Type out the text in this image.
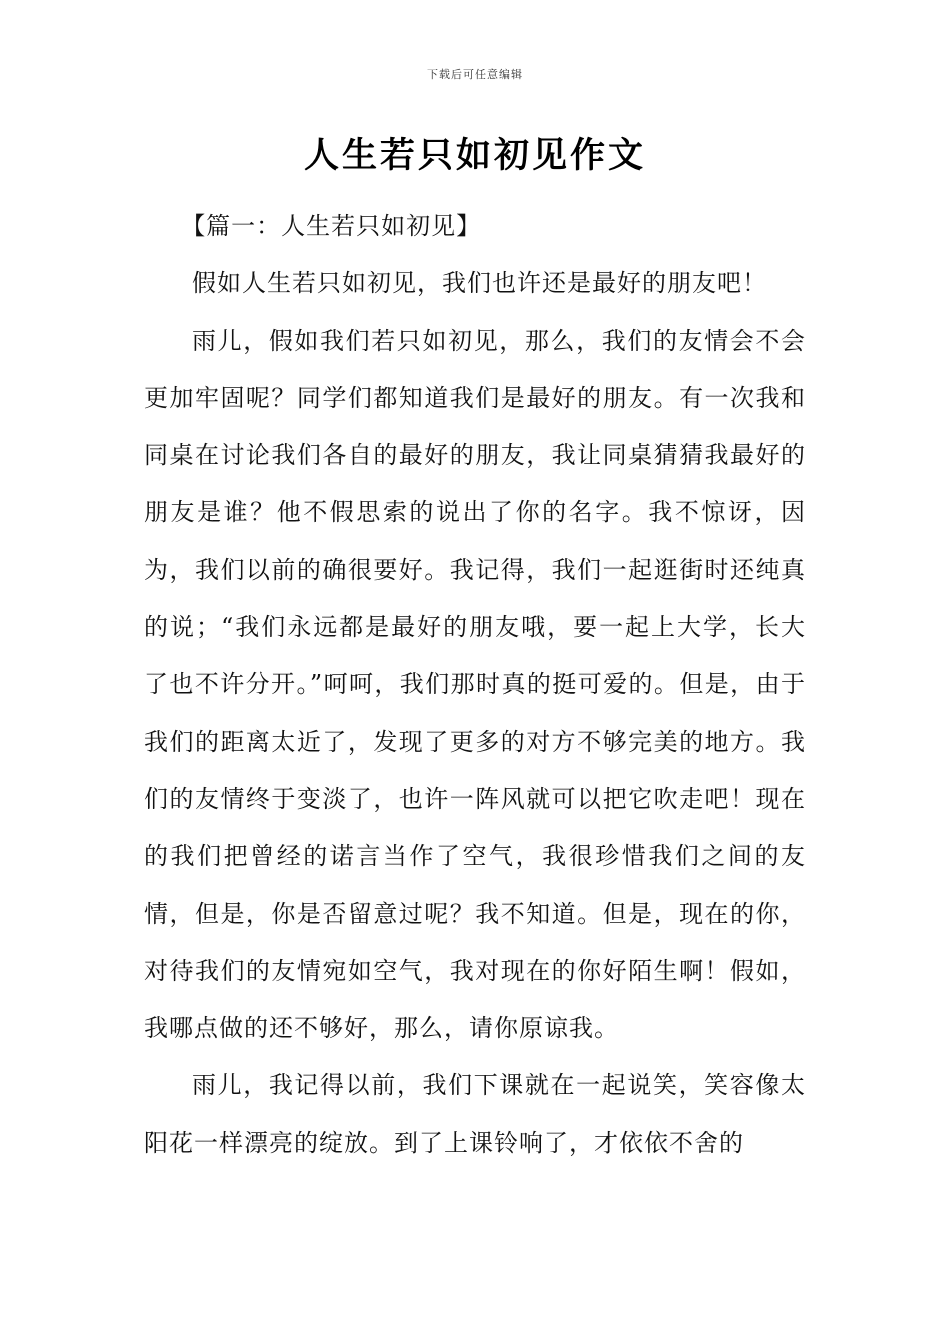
下载后可任意编辑
人生若只如初见作文

【篇一：人生若只如初见】

假如人生若只如初见，我们也许还是最好的朋友吧！

雨儿，假如我们若只如初见，那么，我们的友情会不会更加牢固呢？同学们都知道我们是最好的朋友。有一次我和同桌在讨论我们各自的最好的朋友，我让同桌猜猜我最好的朋友是谁？他不假思索的说出了你的名字。我不惊讶，因为，我们以前的确很要好。我记得，我们一起逛街时还纯真的说；“我们永远都是最好的朋友哦，要一起上大学，长大了也不许分开。”呵呵，我们那时真的挺可爱的。但是，由于我们的距离太近了，发现了更多的对方不够完美的地方。我们的友情终于变淡了，也许一阵风就可以把它吹走吧！现在的我们把曾经的诺言当作了空气，我很珍惜我们之间的友情，但是，你是否留意过呢？我不知道。但是，现在的你，对待我们的友情宛如空气，我对现在的你好陌生啊！假如，我哪点做的还不够好，那么，请你原谅我。

雨儿，我记得以前，我们下课就在一起说笑，笑容像太阳花一样漂亮的绽放。到了上课铃响了，才依依不舍的
